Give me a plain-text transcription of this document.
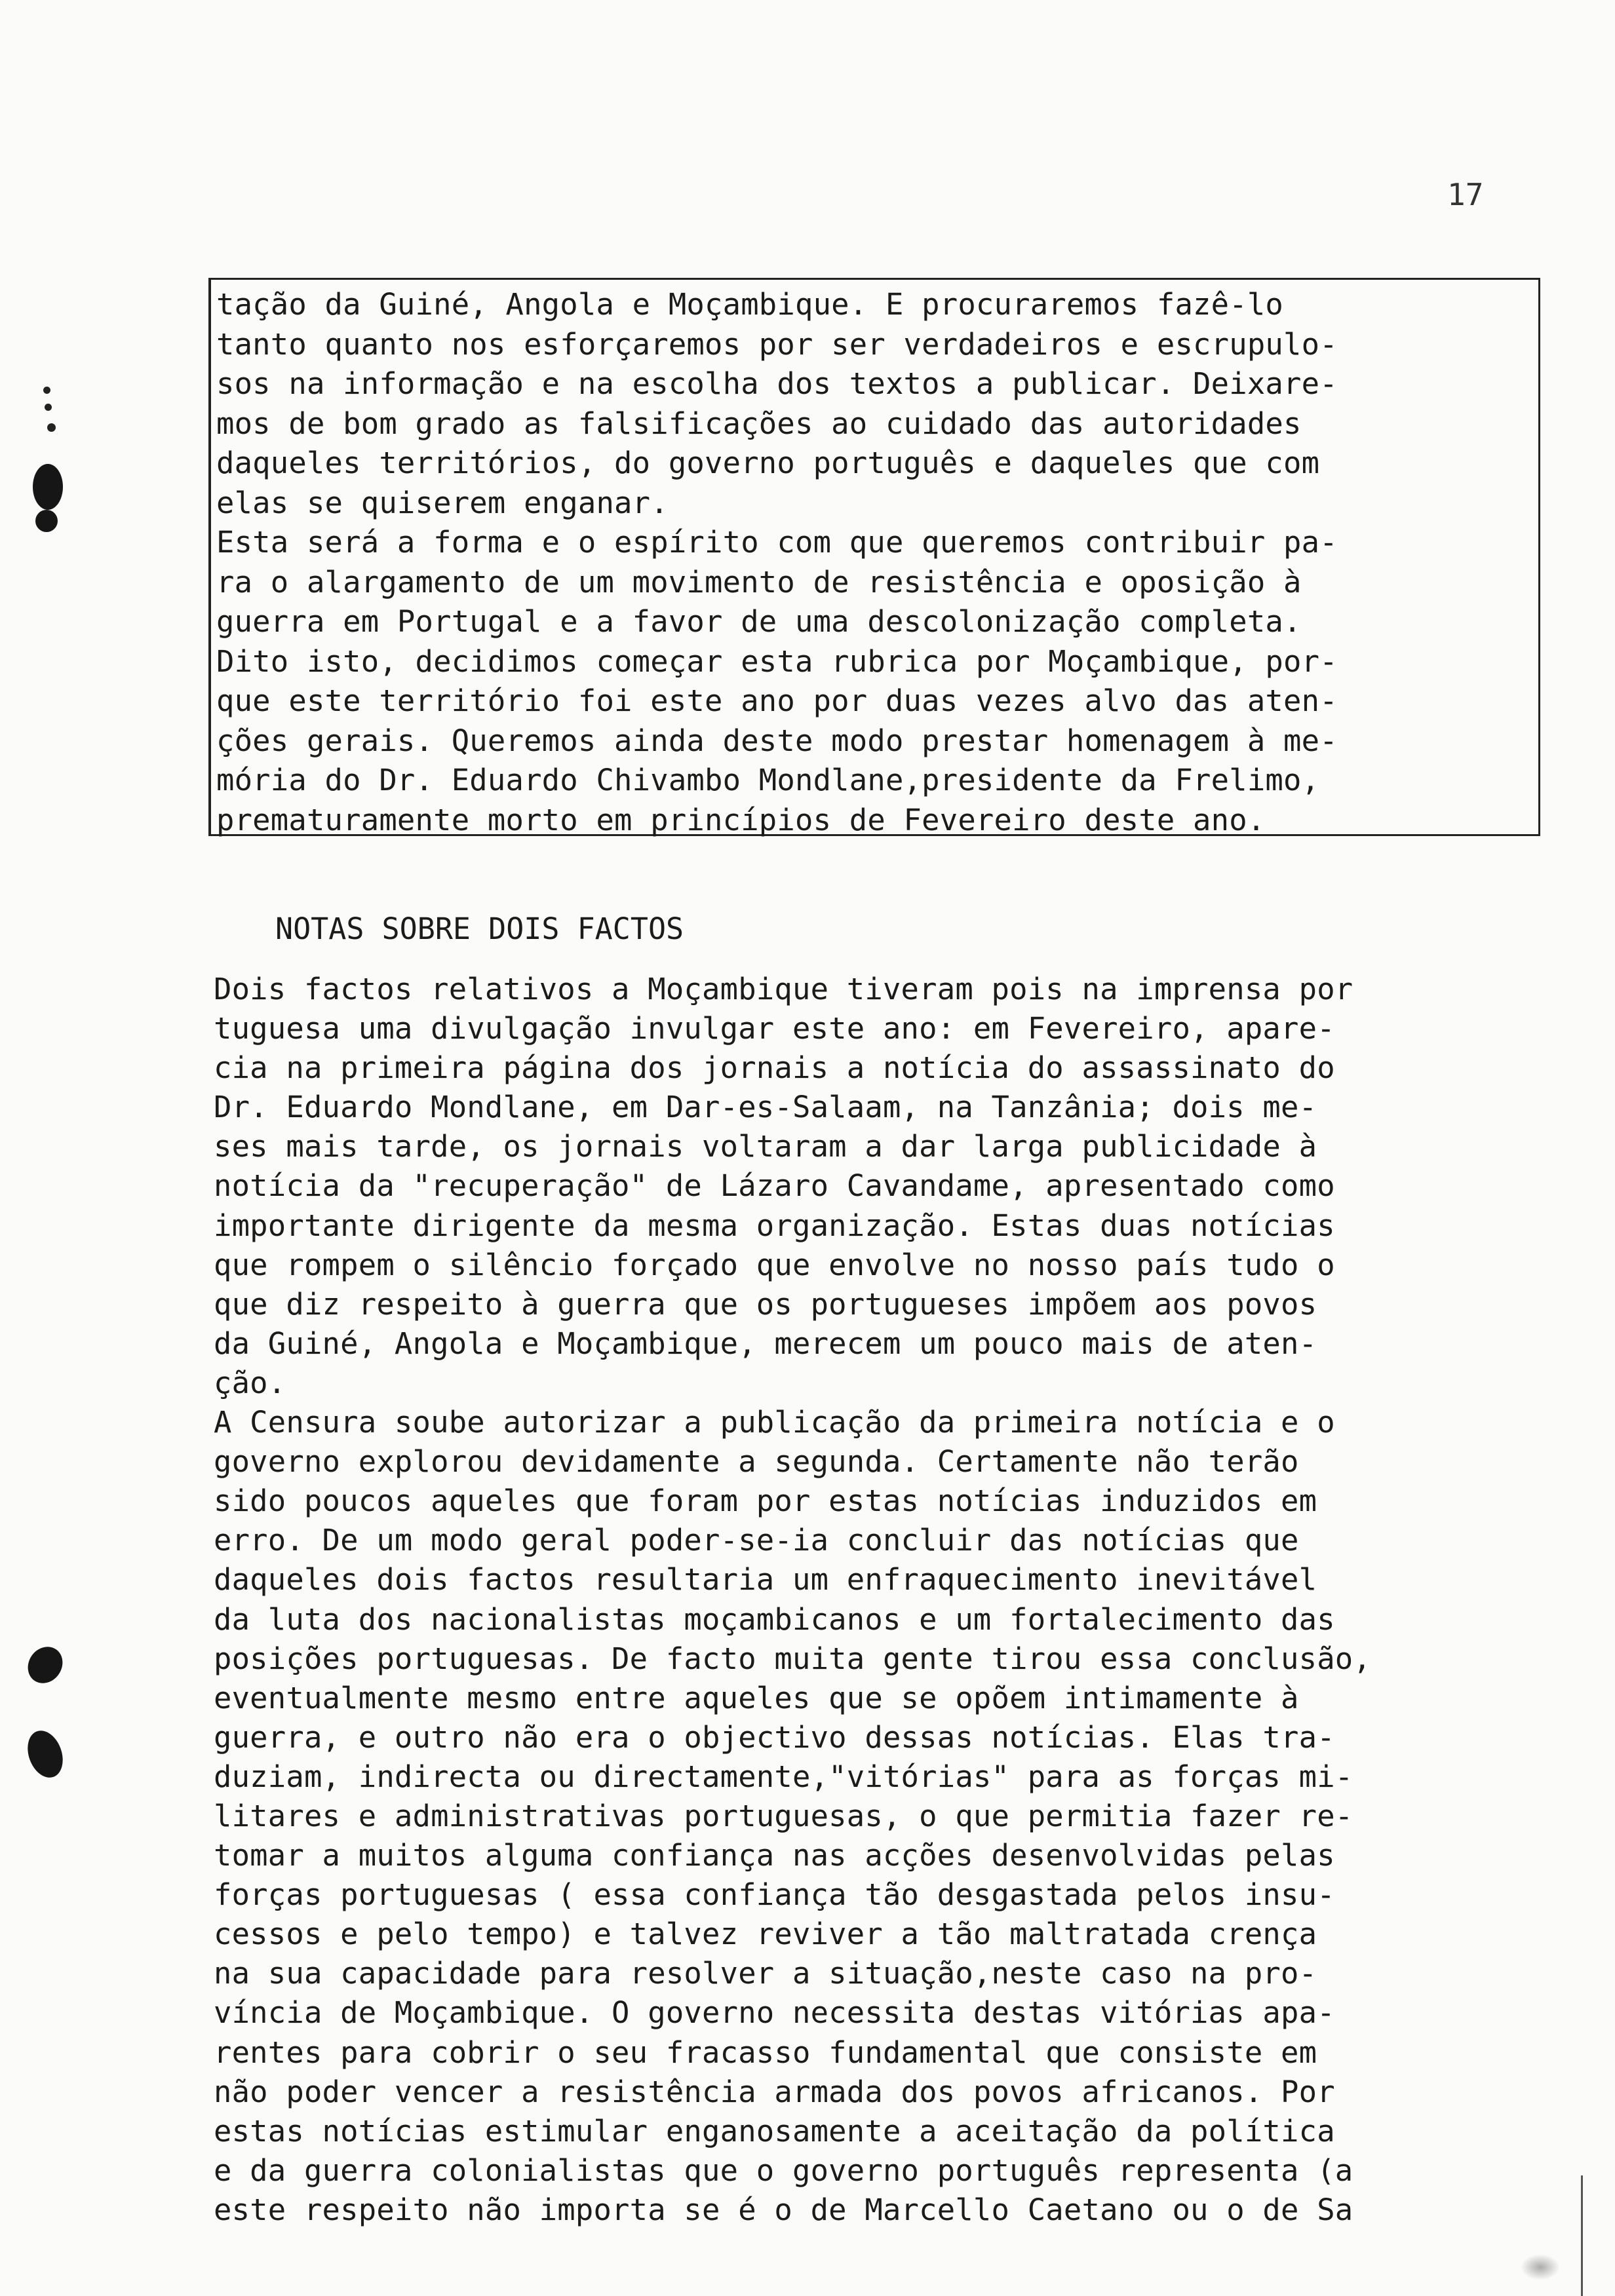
17
tação da Guiné, Angola e Moçambique. E procuraremos fazê-lo
tanto quanto nos esforçaremos por ser verdadeiros e escrupulo-
sos na informação e na escolha dos textos a publicar. Deixare-
mos de bom grado as falsificações ao cuidado das autoridades
daqueles territórios, do governo português e daqueles que com
elas se quiserem enganar.
Esta será a forma e o espírito com que queremos contribuir pa-
ra o alargamento de um movimento de resistência e oposição à
guerra em Portugal e a favor de uma descolonização completa.
Dito isto, decidimos começar esta rubrica por Moçambique, por-
que este território foi este ano por duas vezes alvo das aten-
ções gerais. Queremos ainda deste modo prestar homenagem à me-
mória do Dr. Eduardo Chivambo Mondlane,presidente da Frelimo,
prematuramente morto em princípios de Fevereiro deste ano.
NOTAS SOBRE DOIS FACTOS
Dois factos relativos a Moçambique tiveram pois na imprensa por
tuguesa uma divulgação invulgar este ano: em Fevereiro, apare-
cia na primeira página dos jornais a notícia do assassinato do
Dr. Eduardo Mondlane, em Dar-es-Salaam, na Tanzânia; dois me-
ses mais tarde, os jornais voltaram a dar larga publicidade à
notícia da "recuperação" de Lázaro Cavandame, apresentado como
importante dirigente da mesma organização. Estas duas notícias
que rompem o silêncio forçado que envolve no nosso país tudo o
que diz respeito à guerra que os portugueses impõem aos povos
da Guiné, Angola e Moçambique, merecem um pouco mais de aten-
ção.
A Censura soube autorizar a publicação da primeira notícia e o
governo explorou devidamente a segunda. Certamente não terão
sido poucos aqueles que foram por estas notícias induzidos em
erro. De um modo geral poder-se-ia concluir das notícias que
daqueles dois factos resultaria um enfraquecimento inevitável
da luta dos nacionalistas moçambicanos e um fortalecimento das
posições portuguesas. De facto muita gente tirou essa conclusão,
eventualmente mesmo entre aqueles que se opõem intimamente à
guerra, e outro não era o objectivo dessas notícias. Elas tra-
duziam, indirecta ou directamente,"vitórias" para as forças mi-
litares e administrativas portuguesas, o que permitia fazer re-
tomar a muitos alguma confiança nas acções desenvolvidas pelas
forças portuguesas ( essa confiança tão desgastada pelos insu-
cessos e pelo tempo) e talvez reviver a tão maltratada crença
na sua capacidade para resolver a situação,neste caso na pro-
víncia de Moçambique. O governo necessita destas vitórias apa-
rentes para cobrir o seu fracasso fundamental que consiste em
não poder vencer a resistência armada dos povos africanos. Por
estas notícias estimular enganosamente a aceitação da política
e da guerra colonialistas que o governo português representa (a
este respeito não importa se é o de Marcello Caetano ou o de Sa
